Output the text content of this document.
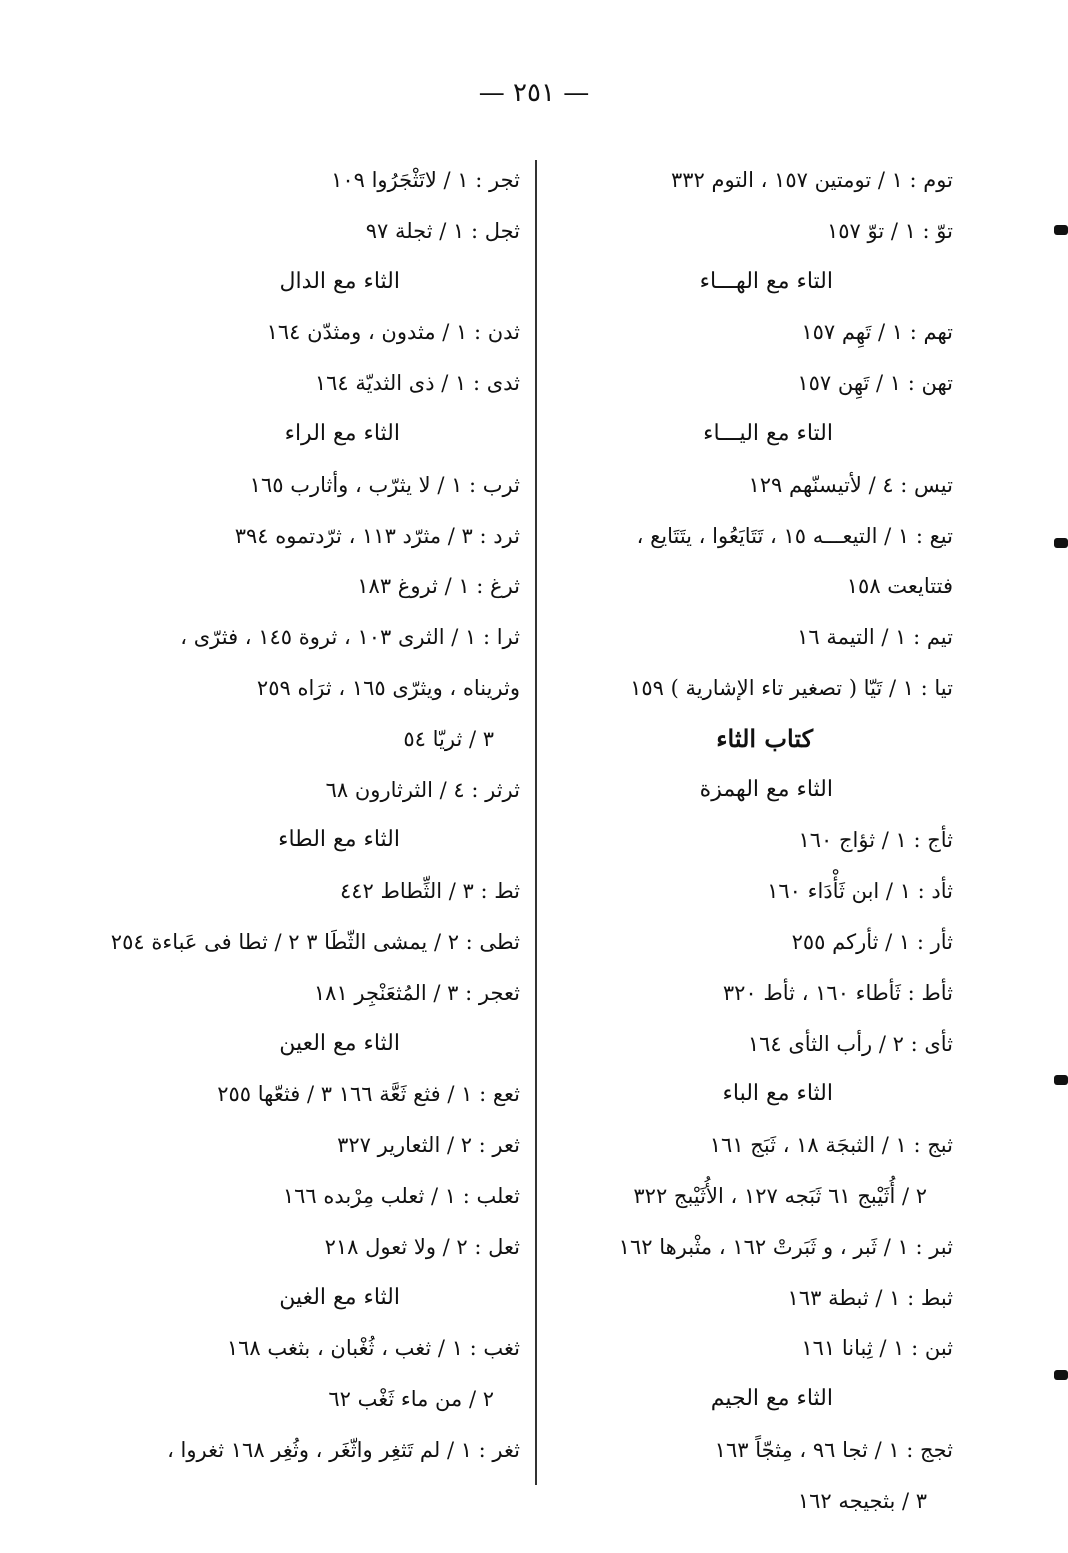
— ٢٥١ —
توم : ١ / تومتين ١٥٧ ، التوم ٣٣٢
توّ : ١ / توّ ١٥٧
التاء مع الهـــاء
تهم : ١ / تَهِم ١٥٧
تهن : ١ / تَهِن ١٥٧
التاء مع اليـــاء
تيس : ٤ / لأتيسنّهم ١٢٩
تيع : ١ / التيعـــه ١٥ ، تَتَايَعُوا ، يتَتَايع ،
فتتايعت ١٥٨
تيم : ١ / التيمة ١٦
تيا : ١ / تَيّا ( تصغير تاء الإشارية ) ١٥٩
كتاب الثاء
الثاء مع الهمزة
ثأج : ١ / ثؤاج ١٦٠
ثأد : ١ / ابن ثَأْدَاء ١٦٠
ثأر : ١ / ثأركم ٢٥٥
ثأط : ثَأطاء ١٦٠ ، ثأط ٣٢٠
ثأى : ٢ / رأب الثأى ١٦٤
الثاء مع الباء
ثبج : ١ / الثبجَة ١٨ ، ثَبَج ١٦١
٢ / أُثَيْبج ٦١ ثَبَجه ١٢٧ ، الأُثَيْبج ٣٢٢
ثبر : ١ / ثَبر ، و ثَبَرتْ ١٦٢ ، مثْبرها ١٦٢
ثبط : ١ / ثبطة ١٦٣
ثبن : ١ / ثِبانا ١٦١
الثاء مع الجيم
ثجج : ١ / ثجا ٩٦ ، مِثجّاً ١٦٣
٣ / بثجيجه ١٦٢
ثجر : ١ / لاتَثْجَرُوا ١٠٩
ثجل : ١ / ثجلة ٩٧
الثاء مع الدال
ثدن : ١ / مثدون ، ومثدّن ١٦٤
ثدى : ١ / ذى الثديّة ١٦٤
الثاء مع الراء
ثرب : ١ / لا يثرّب ، وأثارب ١٦٥
ثرد : ٣ / مثرّد ١١٣ ، ثرّدتموه ٣٩٤
ثرغ : ١ / ثروغ ١٨٣
ثرا : ١ / الثرى ١٠٣ ، ثروة ١٤٥ ، فثرّى ،
وثريناه ، ويثرّى ١٦٥ ، ثرَاه ٢٥٩
٣ / ثريّا ٥٤
ثرثر : ٤ / الثرثارون ٦٨
الثاء مع الطاء
ثط : ٣ / الثِّطاط ٤٤٢
ثطى : ٢ / يمشى الثّطَا ٣ ٢ / ثطا فى عَباءة ٢٥٤
ثعجر : ٣ / المُثعَنْجِر ١٨١
الثاء مع العين
ثعع : ١ / فثع ثَعَّة ١٦٦ ٣ / فثعّها ٢٥٥
ثعر : ٢ / الثعارير ٣٢٧
ثعلب : ١ / ثعلب مِرْبده ١٦٦
ثعل : ٢ / ولا ثعول ٢١٨
الثاء مع الغين
ثغب : ١ / ثغب ، ثُغْبان ، بثغب ١٦٨
٢ / من ماء ثَغْب ٦٢
ثغر : ١ / لم تَثغِر واثّغَر ، وثُغِر ١٦٨ ثغروا ،
